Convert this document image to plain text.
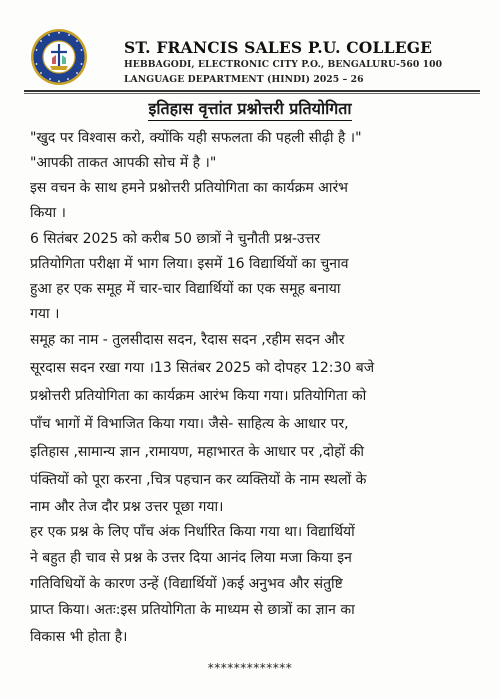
ST. FRANCIS SALES P.U. COLLEGE
HEBBAGODI, ELECTRONIC CITY P.O., BENGALURU-560 100
LANGUAGE DEPARTMENT (HINDI) 2025 – 26
इतिहास वृत्तांत प्रश्नोत्तरी प्रतियोगिता
"खुद पर विश्वास करो, क्योंकि यही सफलता की पहली सीढ़ी है ।"
"आपकी ताकत आपकी सोच में है ।"
इस वचन के साथ हमने प्रश्नोत्तरी प्रतियोगिता का कार्यक्रम आरंभ
किया ।
6 सितंबर 2025 को करीब 50 छात्रों ने चुनौती प्रश्न-उत्तर
प्रतियोगिता परीक्षा में भाग लिया। इसमें 16 विद्यार्थियों का चुनाव
हुआ हर एक समूह में चार-चार विद्यार्थियों का एक समूह बनाया
गया ।
समूह का नाम - तुलसीदास सदन, रैदास सदन ,रहीम सदन और
सूरदास सदन रखा गया ।13 सितंबर 2025 को दोपहर 12:30 बजे
प्रश्नोत्तरी प्रतियोगिता का कार्यक्रम आरंभ किया गया। प्रतियोगिता को
पाँच भागों में विभाजित किया गया। जैसे- साहित्य के आधार पर,
इतिहास ,सामान्य ज्ञान ,रामायण, महाभारत के आधार पर ,दोहों की
पंक्तियों को पूरा करना ,चित्र पहचान कर व्यक्तियों के नाम स्थलों के
नाम और तेज दौर प्रश्न उत्तर पूछा गया।
हर एक प्रश्न के लिए पाँच अंक निर्धारित किया गया था। विद्यार्थियों
ने बहुत ही चाव से प्रश्न के उत्तर दिया आनंद लिया मजा किया इन
गतिविधियों के कारण उन्हें (विद्यार्थियों )कई अनुभव और संतुष्टि
प्राप्त किया। अतः:इस प्रतियोगिता के माध्यम से छात्रों का ज्ञान का
विकास भी होता है।
*************
